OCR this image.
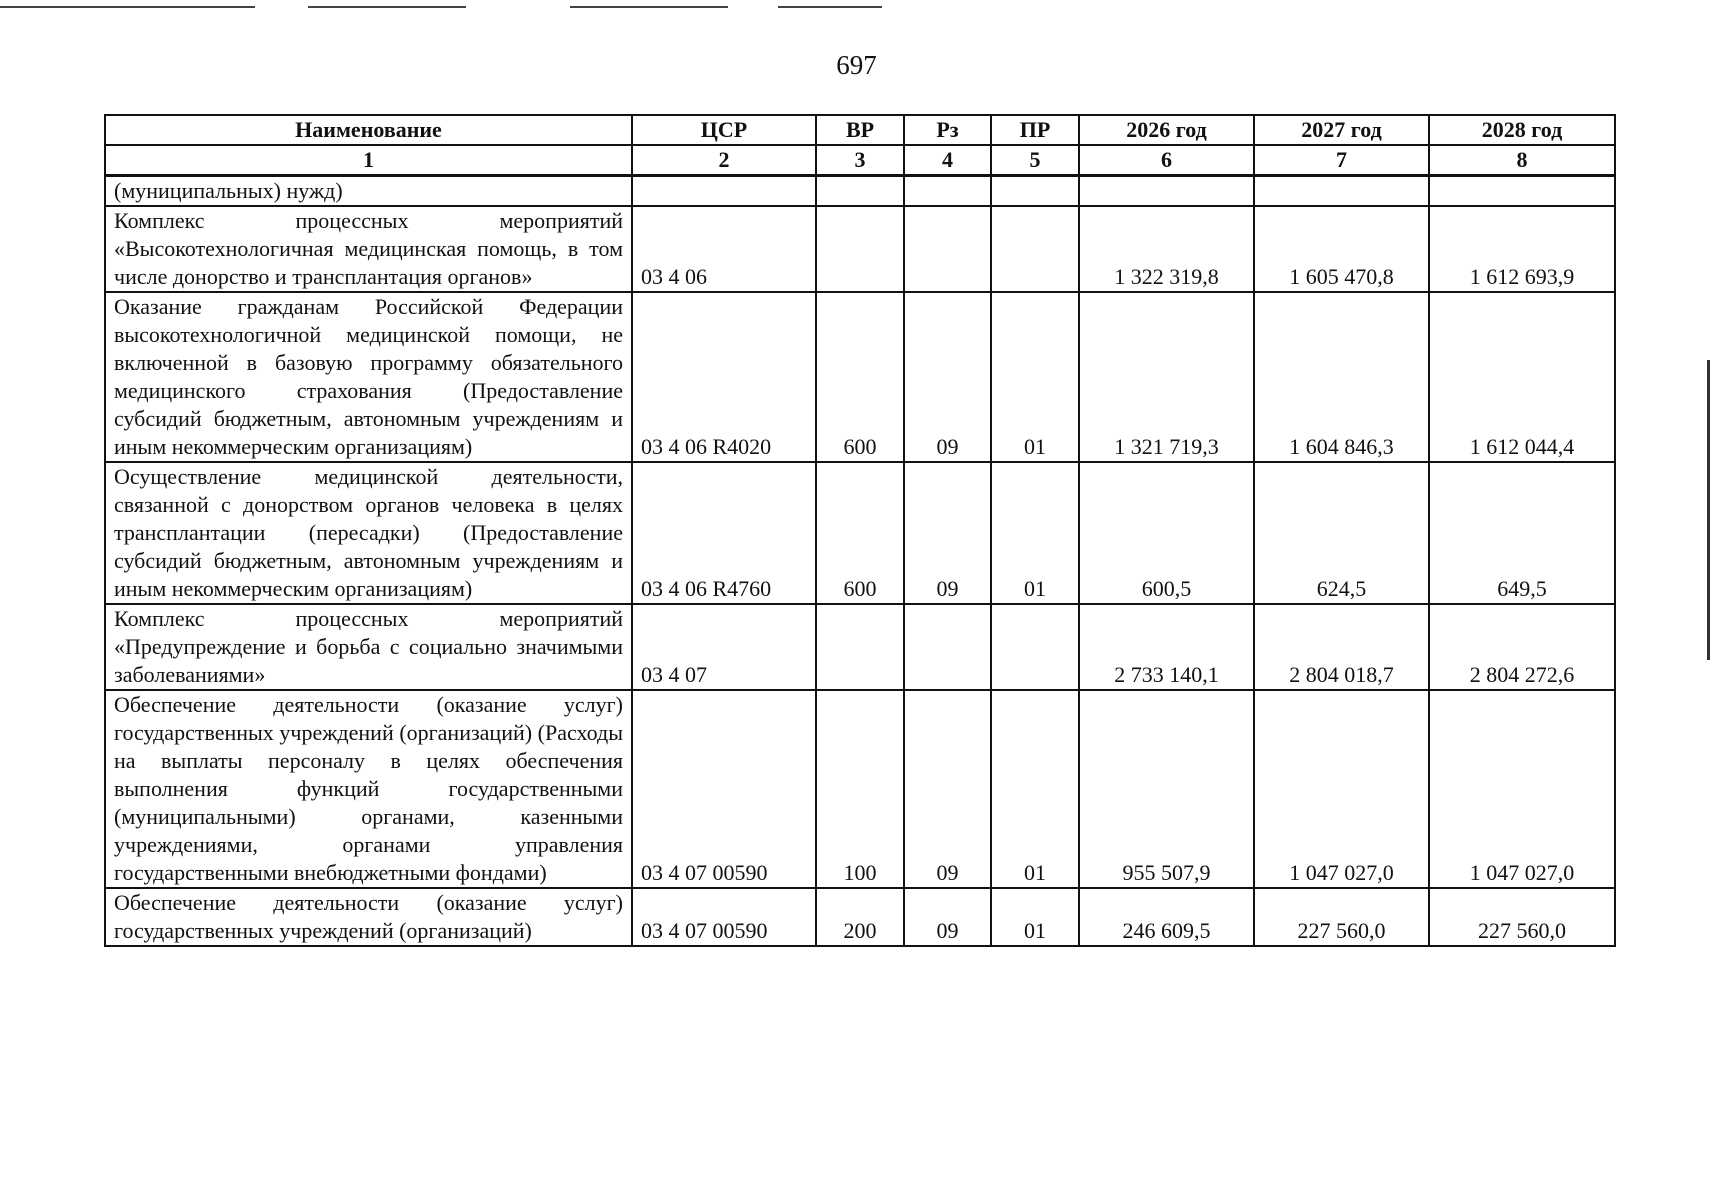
697
Наименование	ЦСР	ВР	Рз	ПР	2026 год	2027 год	2028 год
1	2	3	4	5	6	7	8
(муниципальных) нужд)							
Комплекс процессных мероприятий «Высокотехнологичная медицинская помощь, в том числе донорство и трансплантация органов»	03 4 06				1 322 319,8	1 605 470,8	1 612 693,9
Оказание гражданам Российской Федерации высокотехнологичной медицинской помощи, не включенной в базовую программу обязательного медицинского страхования (Предоставление субсидий бюджетным, автономным учреждениям и иным некоммерческим организациям)	03 4 06 R4020	600	09	01	1 321 719,3	1 604 846,3	1 612 044,4
Осуществление медицинской деятельности, связанной с донорством органов человека в целях трансплантации (пересадки) (Предоставление субсидий бюджетным, автономным учреждениям и иным некоммерческим организациям)	03 4 06 R4760	600	09	01	600,5	624,5	649,5
Комплекс процессных мероприятий «Предупреждение и борьба с социально значимыми заболеваниями»	03 4 07				2 733 140,1	2 804 018,7	2 804 272,6
Обеспечение деятельности (оказание услуг) государственных учреждений (организаций) (Расходы на выплаты персоналу в целях обеспечения выполнения функций государственными (муниципальными) органами, казенными учреждениями, органами управления государственными внебюджетными фондами)	03 4 07 00590	100	09	01	955 507,9	1 047 027,0	1 047 027,0
Обеспечение деятельности (оказание услуг) государственных учреждений (организаций)	03 4 07 00590	200	09	01	246 609,5	227 560,0	227 560,0
